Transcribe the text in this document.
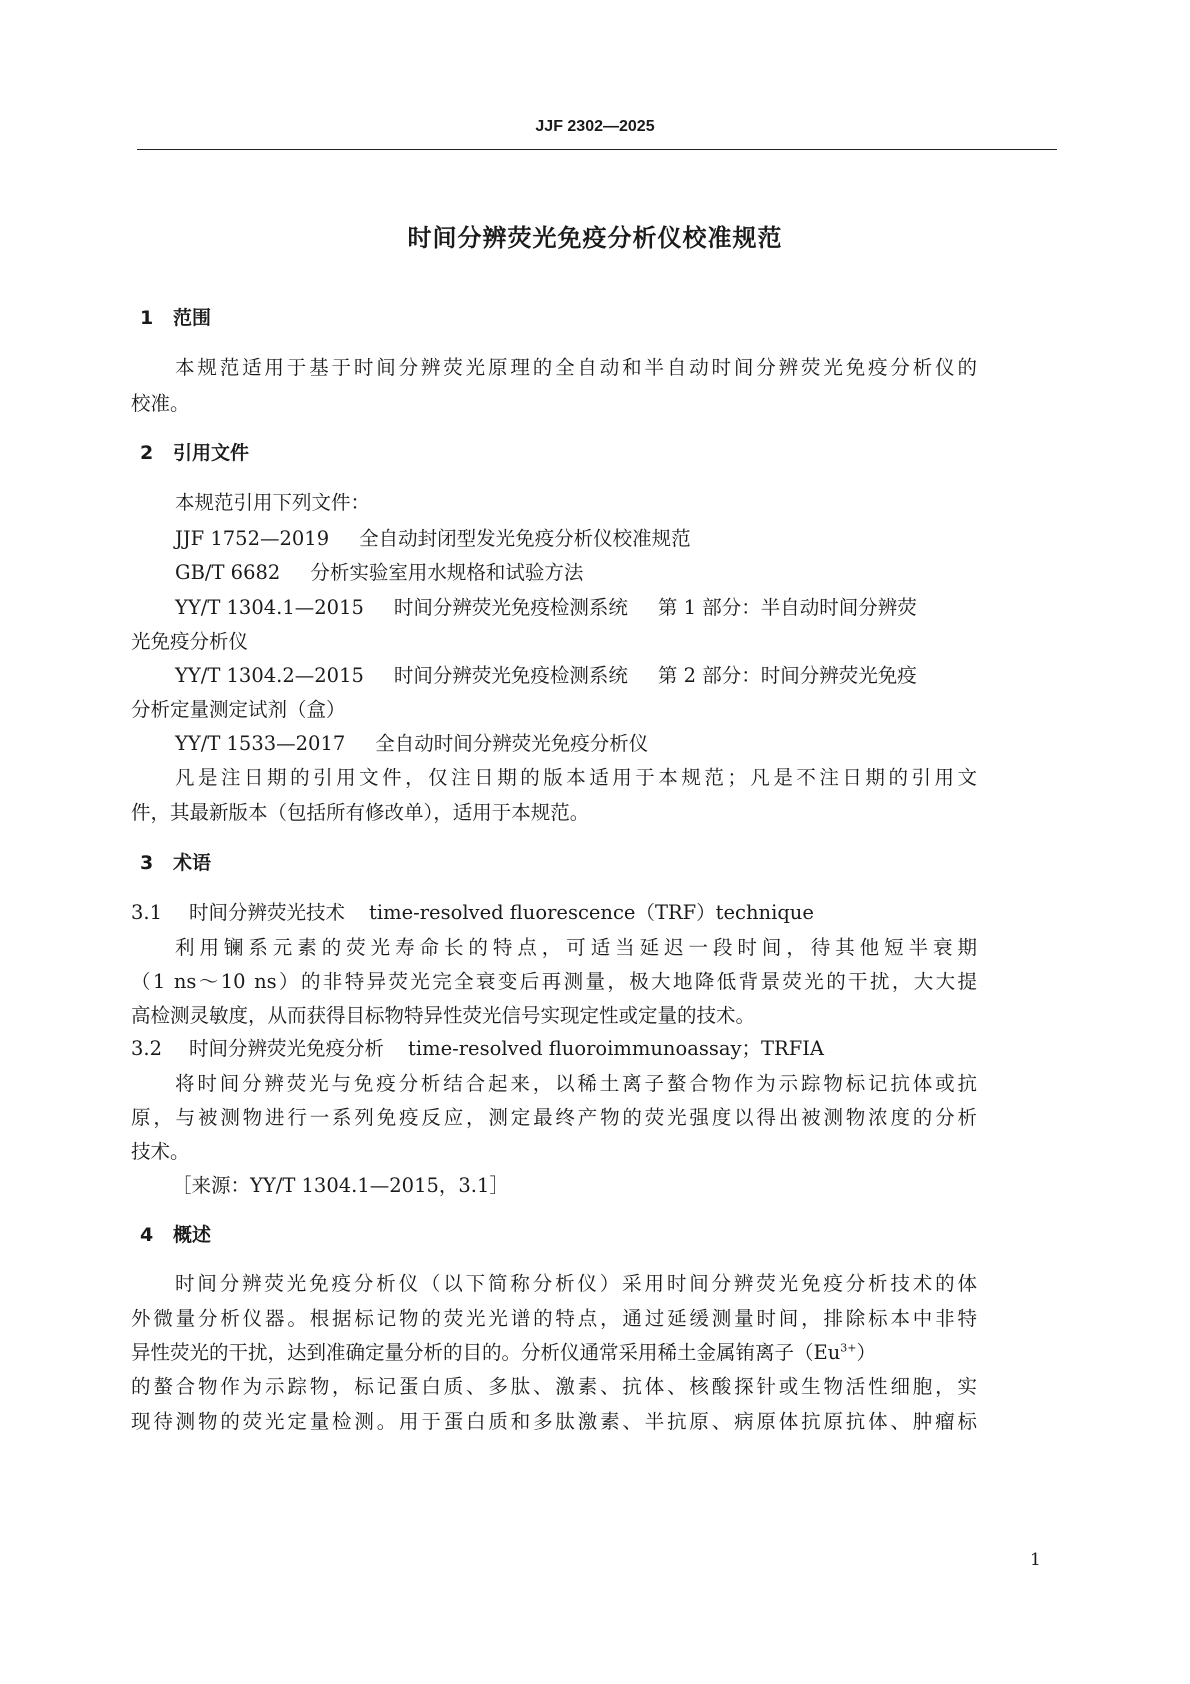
JJF 2302—2025
时间分辨荧光免疫分析仪校准规范
1 范围
本规范适用于基于时间分辨荧光原理的全自动和半自动时间分辨荧光免疫分析仪的
校准。
2 引用文件
本规范引用下列文件：
JJF 1752—2019 全自动封闭型发光免疫分析仪校准规范
GB/T 6682 分析实验室用水规格和试验方法
YY/T 1304.1—2015 时间分辨荧光免疫检测系统 第 1 部分：半自动时间分辨荧
光免疫分析仪
YY/T 1304.2—2015 时间分辨荧光免疫检测系统 第 2 部分：时间分辨荧光免疫
分析定量测定试剂（盒）
YY/T 1533—2017 全自动时间分辨荧光免疫分析仪
凡是注日期的引用文件，仅注日期的版本适用于本规范；凡是不注日期的引用文
件，其最新版本（包括所有修改单），适用于本规范。
3 术语
3.1 时间分辨荧光技术 time-resolved fluorescence（TRF）technique
利用镧系元素的荧光寿命长的特点，可适当延迟一段时间，待其他短半衰期
（1 ns～10 ns）的非特异荧光完全衰变后再测量，极大地降低背景荧光的干扰，大大提
高检测灵敏度，从而获得目标物特异性荧光信号实现定性或定量的技术。
3.2 时间分辨荧光免疫分析 time-resolved fluoroimmunoassay；TRFIA
将时间分辨荧光与免疫分析结合起来，以稀土离子螯合物作为示踪物标记抗体或抗
原，与被测物进行一系列免疫反应，测定最终产物的荧光强度以得出被测物浓度的分析
技术。
［来源：YY/T 1304.1—2015，3.1］
4 概述
时间分辨荧光免疫分析仪（以下简称分析仪）采用时间分辨荧光免疫分析技术的体
外微量分析仪器。根据标记物的荧光光谱的特点，通过延缓测量时间，排除标本中非特
异性荧光的干扰，达到准确定量分析的目的。分析仪通常采用稀土金属铕离子$(Eu^{3+})$
的螯合物作为示踪物，标记蛋白质、多肽、激素、抗体、核酸探针或生物活性细胞，实
现待测物的荧光定量检测。用于蛋白质和多肽激素、半抗原、病原体抗原抗体、肿瘤标
1
